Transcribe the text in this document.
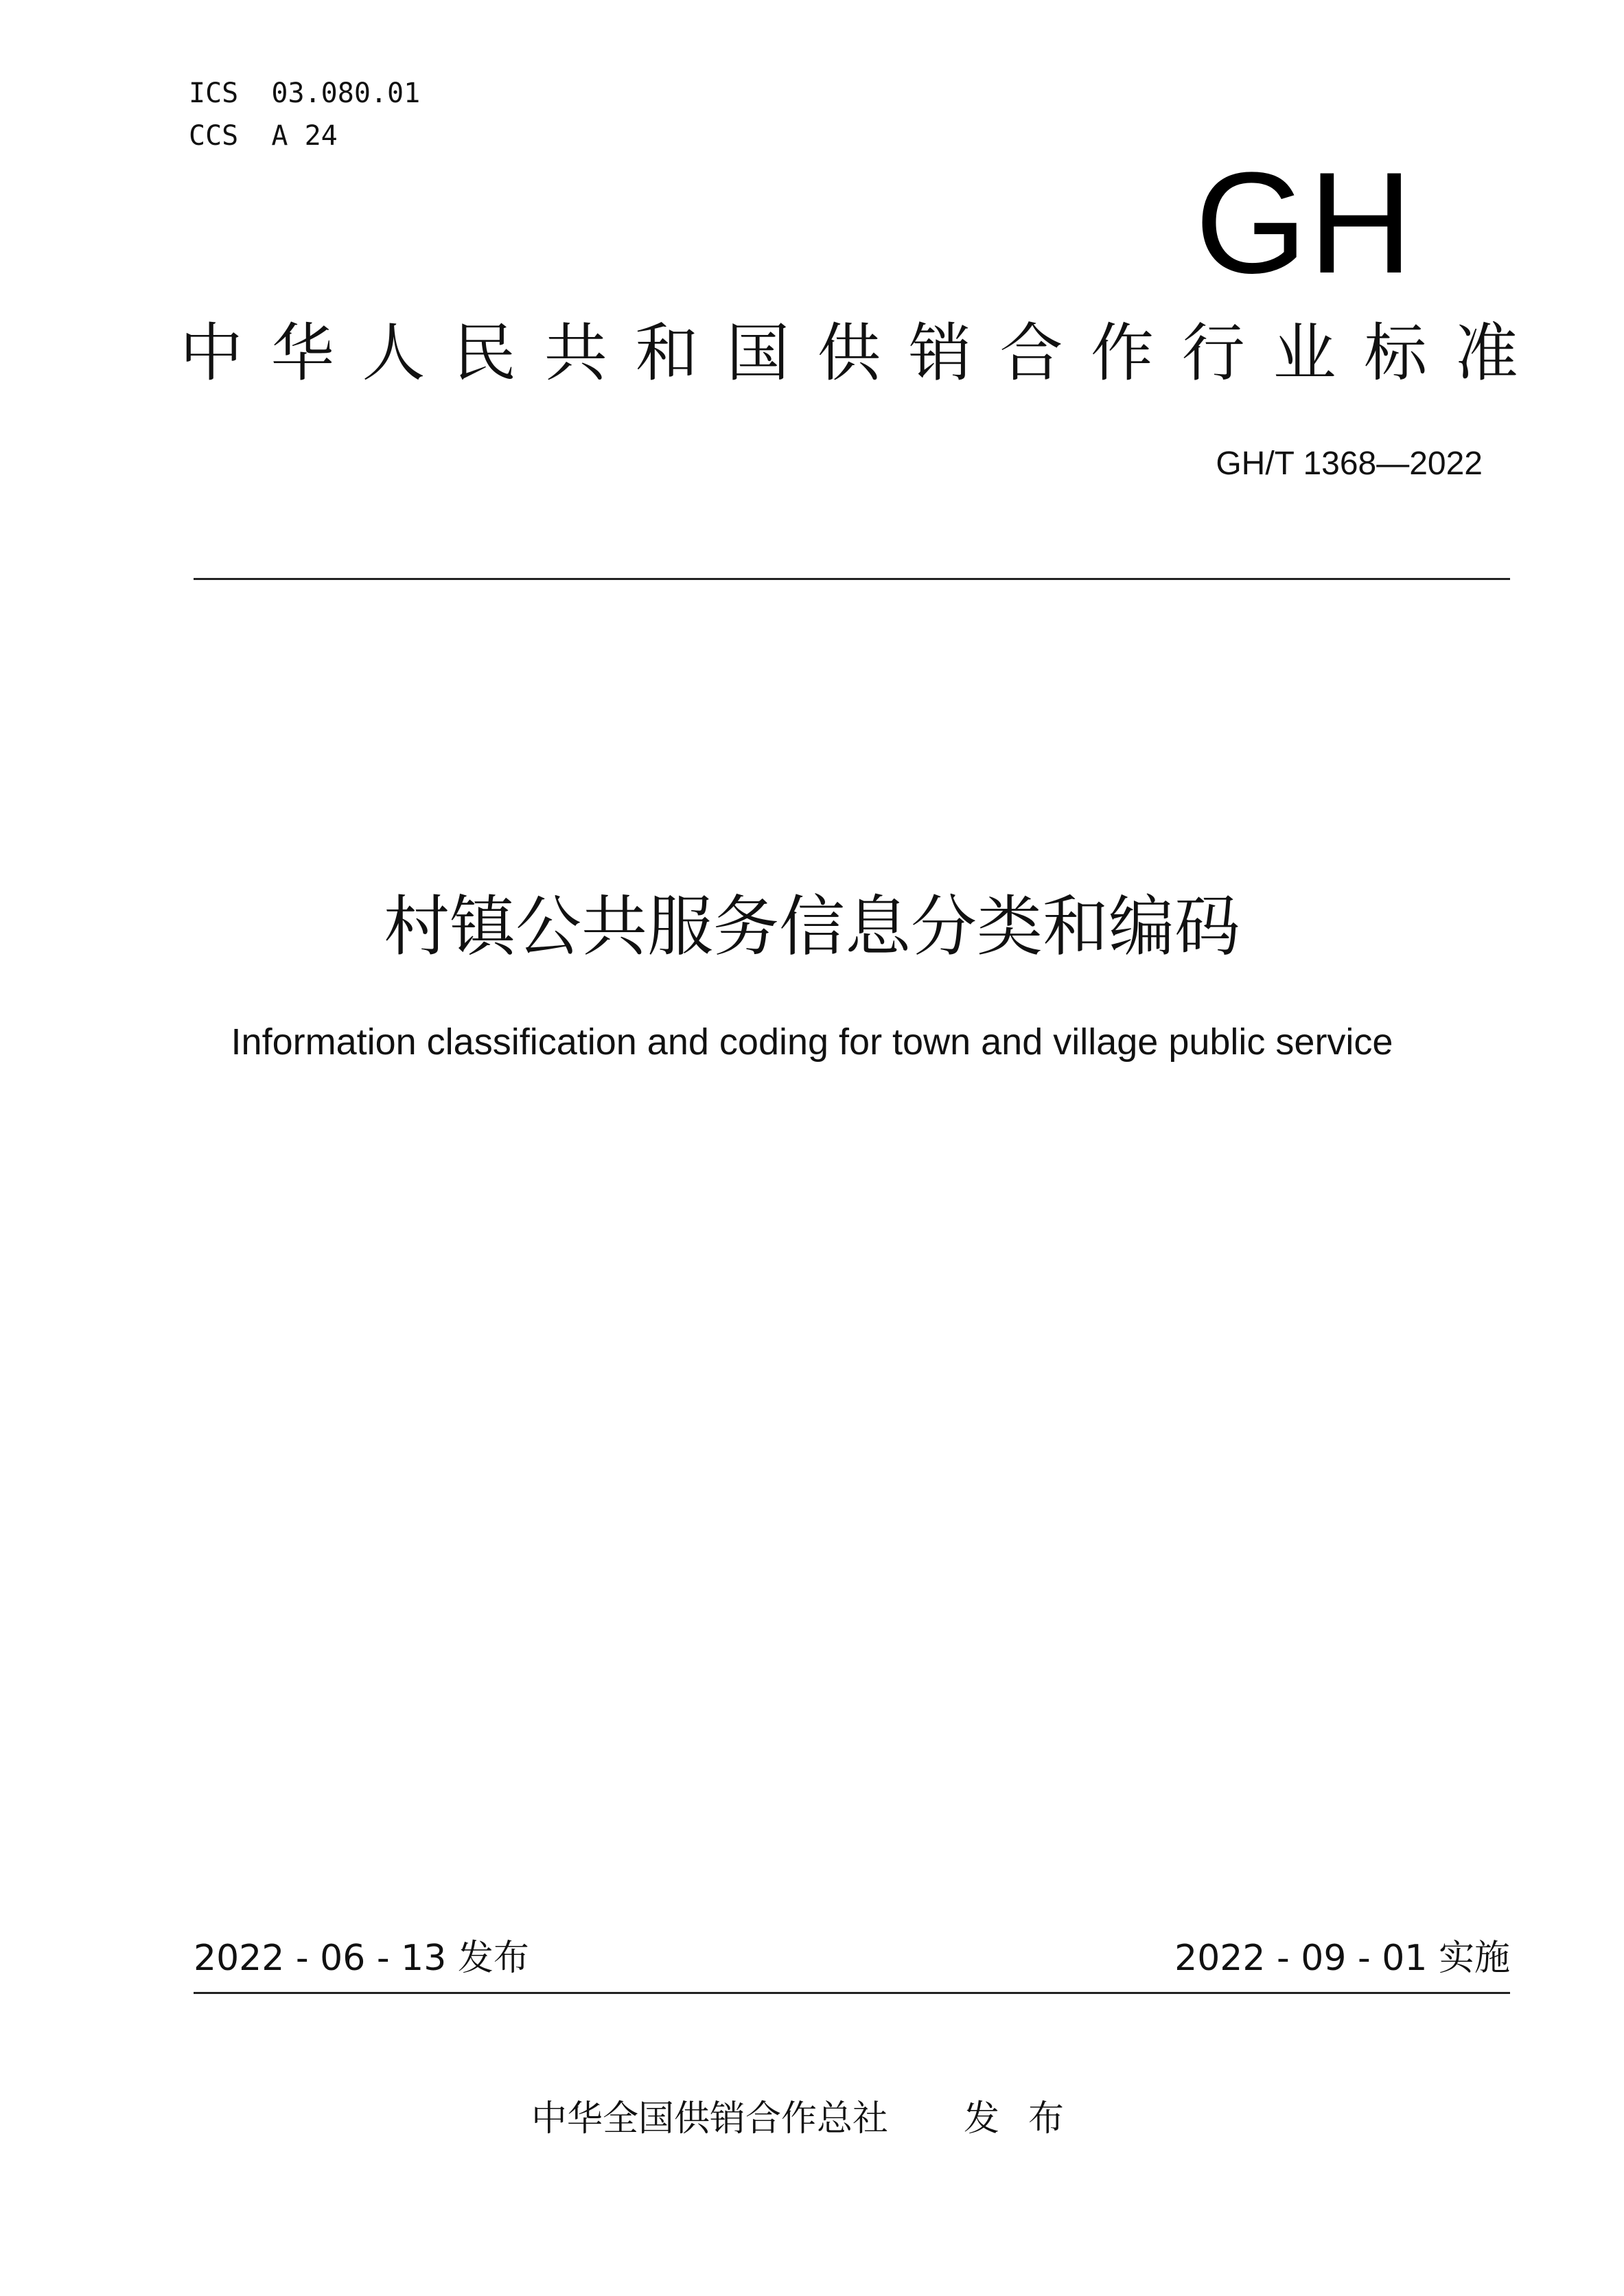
ICS 03.080.01
CCS A 24
GH
中 华 人 民 共 和 国 供 销 合 作 行 业 标 准
GH/T 1368—2022
村镇公共服务信息分类和编码
Information classification and coding for town and village public service
2022 - 06 - 13 发布	2022 - 09 - 01 实施
中华全国供销合作总社 发布
